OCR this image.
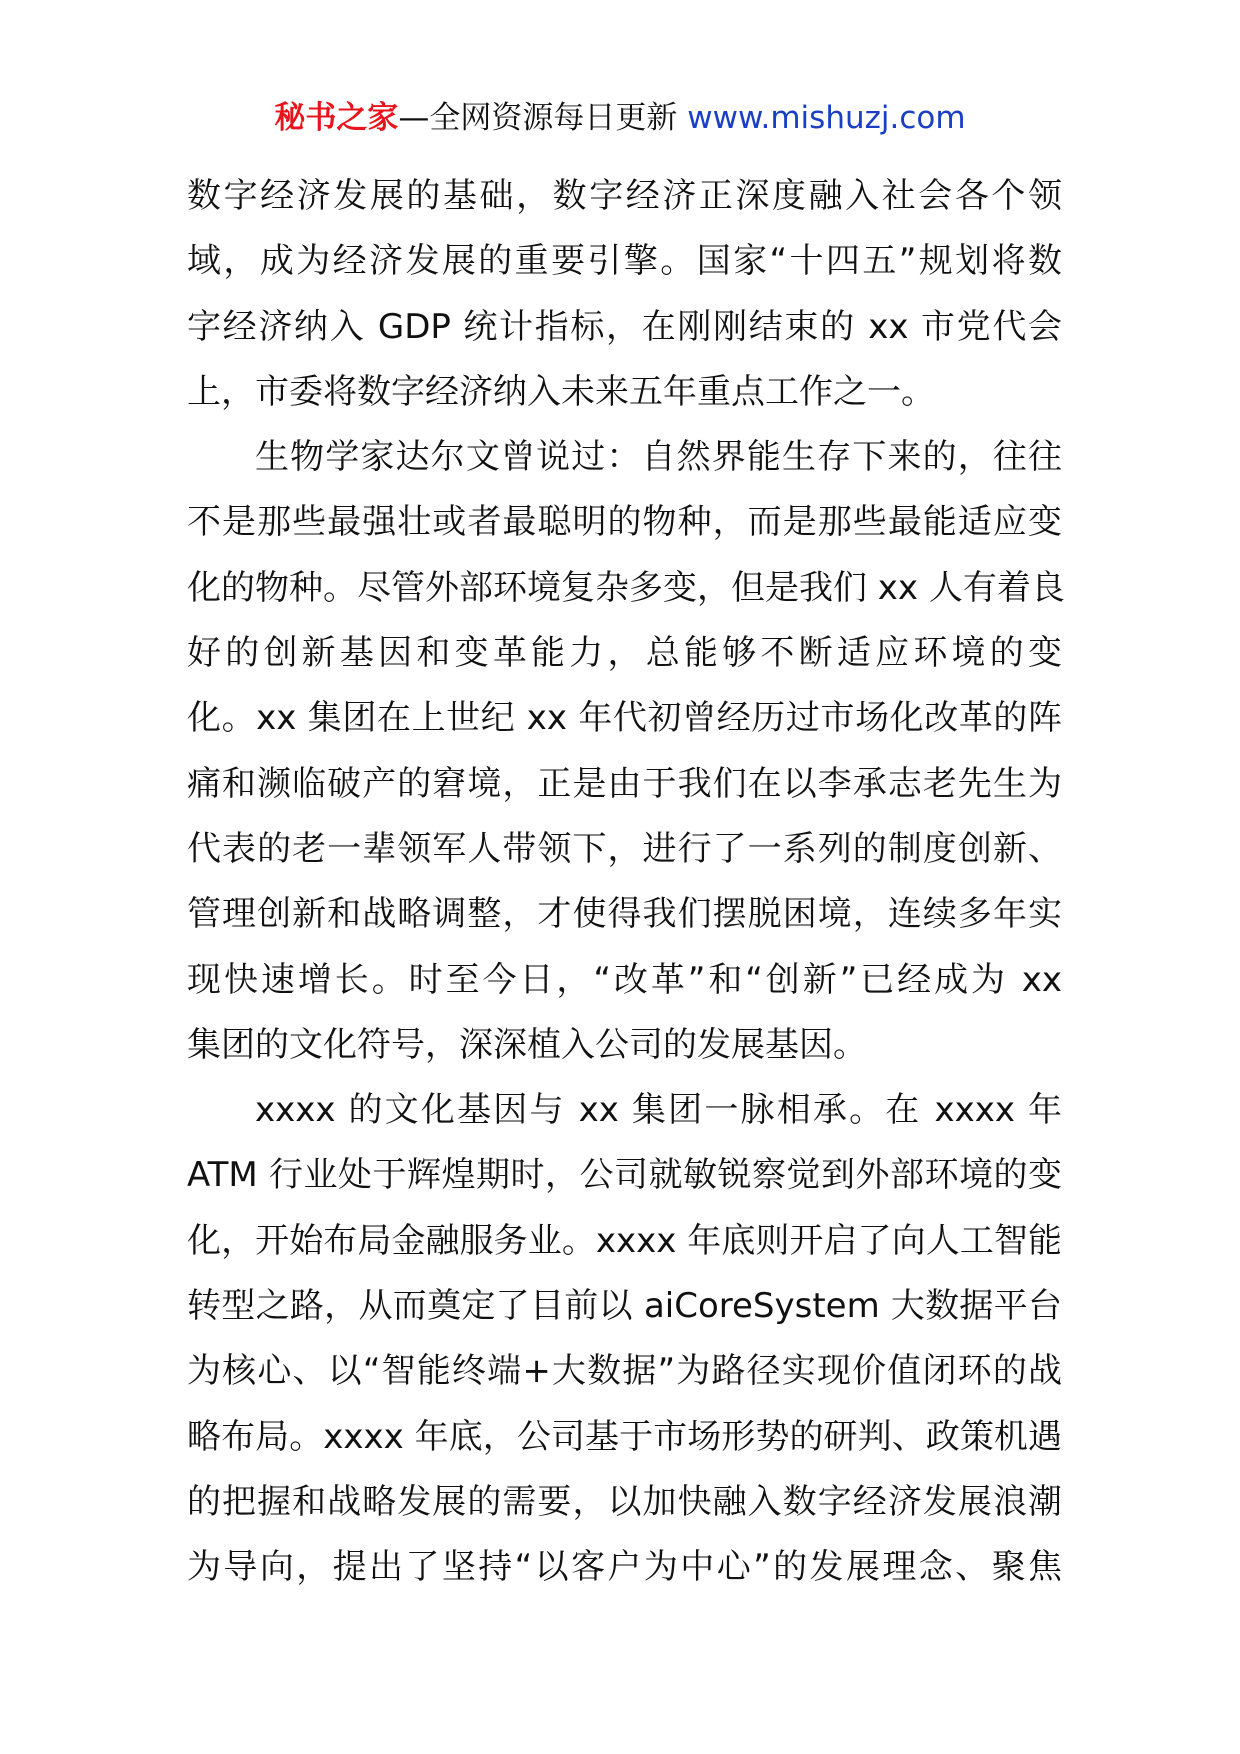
秘书之家—全网资源每日更新 www.mishuzj.com
数字经济发展的基础，数字经济正深度融入社会各个领
域，成为经济发展的重要引擎。国家“十四五”规划将数
字经济纳入 GDP 统计指标，在刚刚结束的 xx 市党代会
上，市委将数字经济纳入未来五年重点工作之一。
生物学家达尔文曾说过：自然界能生存下来的，往往
不是那些最强壮或者最聪明的物种，而是那些最能适应变
化的物种。尽管外部环境复杂多变，但是我们 xx 人有着良
好的创新基因和变革能力，总能够不断适应环境的变
化。xx 集团在上世纪 xx 年代初曾经历过市场化改革的阵
痛和濒临破产的窘境，正是由于我们在以李承志老先生为
代表的老一辈领军人带领下，进行了一系列的制度创新、
管理创新和战略调整，才使得我们摆脱困境，连续多年实
现快速增长。时至今日，“改革”和“创新”已经成为 xx
集团的文化符号，深深植入公司的发展基因。
xxxx 的文化基因与 xx 集团一脉相承。在 xxxx 年
ATM 行业处于辉煌期时，公司就敏锐察觉到外部环境的变
化，开始布局金融服务业。xxxx 年底则开启了向人工智能
转型之路，从而奠定了目前以 aiCoreSystem 大数据平台
为核心、以“智能终端+大数据”为路径实现价值闭环的战
略布局。xxxx 年底，公司基于市场形势的研判、政策机遇
的把握和战略发展的需要，以加快融入数字经济发展浪潮
为导向，提出了坚持“以客户为中心”的发展理念、聚焦
